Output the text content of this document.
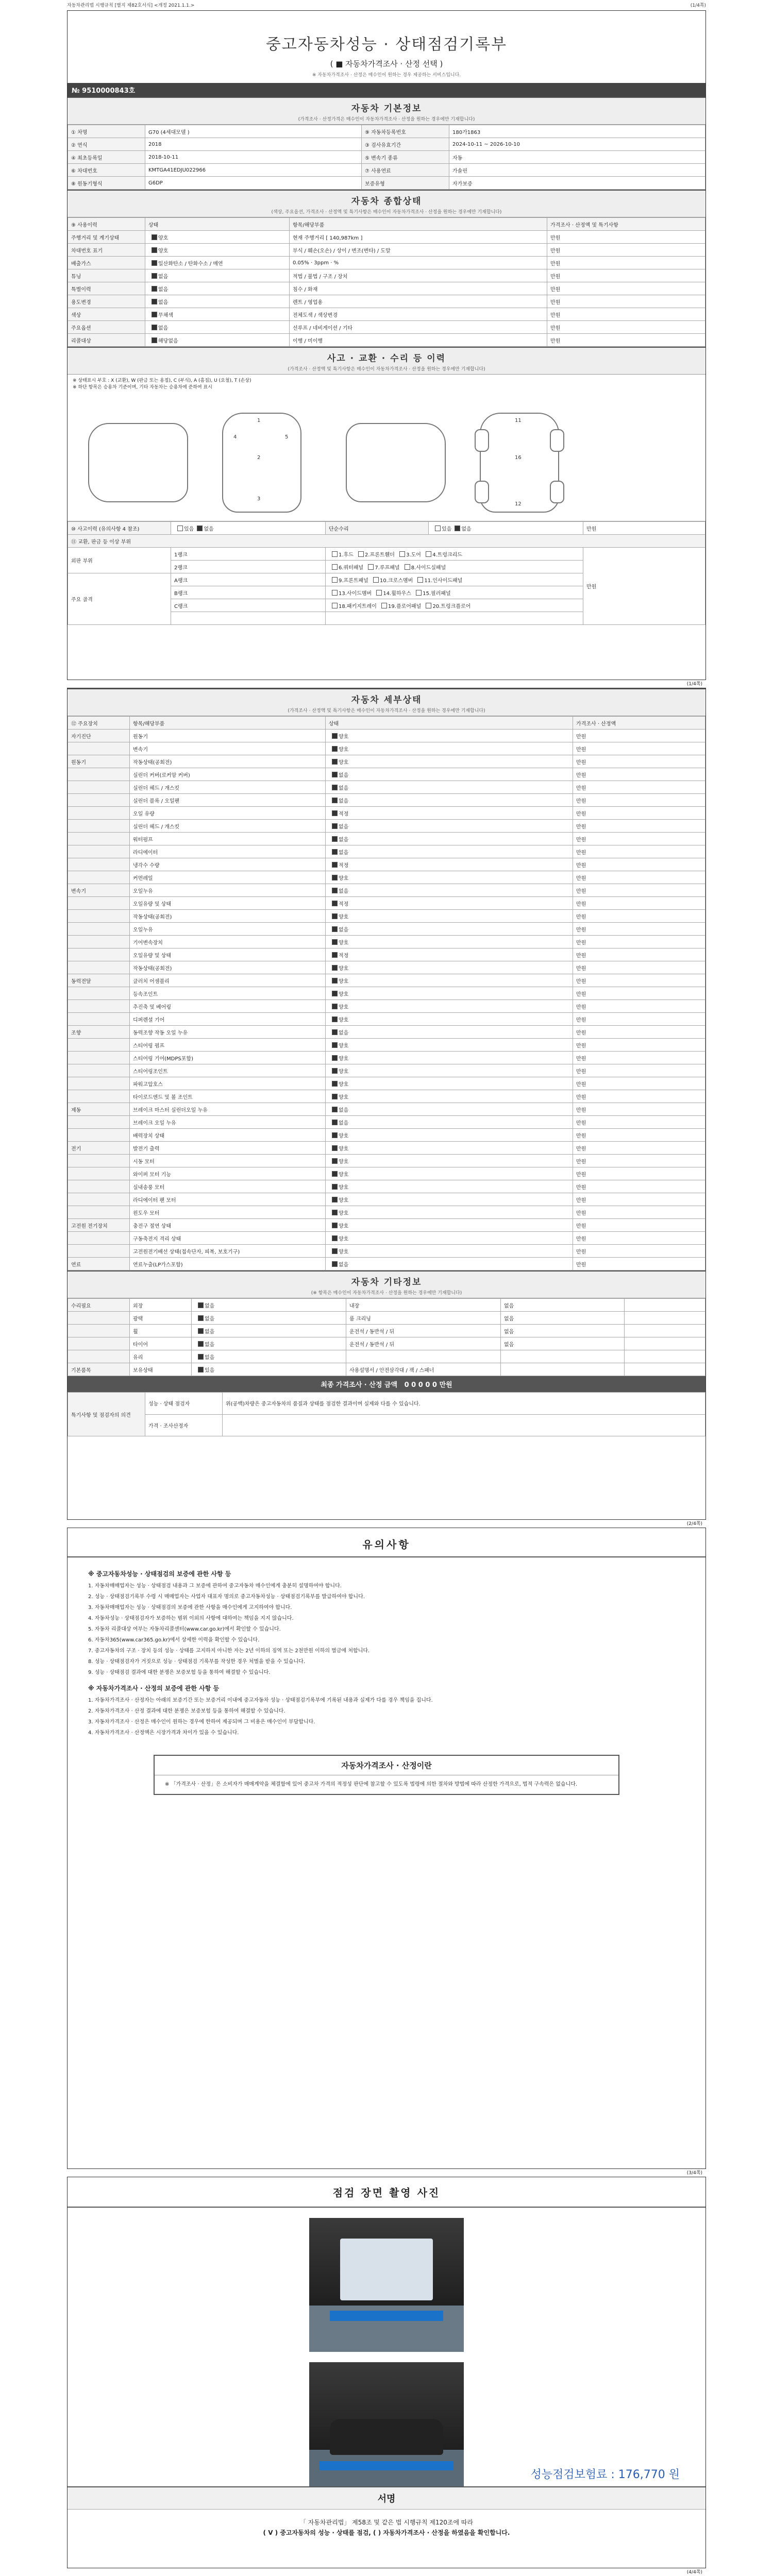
자동차관리법 시행규칙 [별지 제82호서식] <개정 2021.1.1.>	(1/4쪽)
중고자동차성능 · 상태점검기록부
( ■ 자동차가격조사 · 산정 선택 )
※ 자동차가격조사 · 산정은 매수인이 원하는 경우 제공하는 서비스입니다.
№ 9510000843호
자동차 기본정보
(가격조사 · 산정가격은 매수인이 자동차가격조사 · 산정을 원하는 경우에만 기재합니다)
① 차명	G70 (4세대모델 )	⑨ 자동차등록번호	180가1863
② 연식	2018	③ 검사유효기간	2024-10-11 ~ 2026-10-10
④ 최초등록일	2018-10-11	⑤ 변속기 종류	자동
⑥ 차대번호	KMTGA41EDJU022966	⑦ 사용연료	가솔린
⑧ 원동기형식	G6DP	보증유형	자가보증
자동차 종합상태
(색상, 주요옵션, 가격조사 · 산정액 및 특기사항은 매수인이 자동차가격조사 · 산정을 원하는 경우에만 기재합니다)
⑨ 사용이력	상태	항목/해당부품	가격조사 · 산정액 및 특기사항
주행거리 및 계기상태	양호	현재 주행거리 [ 140,987km ]	만원
차대번호 표기	양호	부식 / 훼손(오손) / 상이 / 변조(변타) / 도말	만원
배출가스	일산화탄소 / 탄화수소 / 매연	0.05% · 3ppm · %	만원
튜닝	없음	적법 / 불법 / 구조 / 장치	만원
특별이력	없음	침수 / 화재	만원
용도변경	없음	렌트 / 영업용	만원
색상	무채색	전체도색 / 색상변경	만원
주요옵션	없음	선루프 / 네비게이션 / 기타	만원
리콜대상	해당없음	이행 / 미이행	만원
사고 · 교환 · 수리 등 이력
(가격조사 · 산정액 및 특기사항은 매수인이 자동차가격조사 · 산정을 원하는 경우에만 기재합니다)
※ 상태표시 부호 : X (교환), W (판금 또는 용접), C (부식), A (흠집), U (요철), T (손상)
※ 하단 항목은 승용차 기준이며, 기타 자동차는 승용차에 준하여 표시
1
4	5
2
3
11
16
12
⑩ 사고이력 (유의사항 4 참조)	있음 없음	단순수리	있음 없음	만원
⑪ 교환, 판금 등 이상 부위				
외판 부위	1랭크	1.후드 2.프론트휀더 3.도어 4.트렁크리드		만원
	2랭크	6.쿼터패널 7.루프패널 8.사이드실패널		
주요 골격	A랭크	9.프론트패널 10.크로스멤버 11.인사이드패널		
	B랭크	13.사이드멤버 14.휠하우스 15.필러패널		
	C랭크	18.패키지트레이 19.플로어패널 20.트렁크플로어		

(1/4쪽)
자동차 세부상태
(가격조사 · 산정액 및 특기사항은 매수인이 자동차가격조사 · 산정을 원하는 경우에만 기재합니다)
⑫ 주요장치	항목/해당부품	상태	가격조사 · 산정액
자기진단	원동기	양호	만원
	변속기	양호	만원
원동기	작동상태(공회전)	양호	만원
	실린더 커버(로커암 커버)	없음	만원
	실린더 헤드 / 개스킷	없음	만원
	실린더 블록 / 오일팬	없음	만원
	오일 유량	적정	만원
	실린더 헤드 / 개스킷	없음	만원
	워터펌프	없음	만원
	라디에이터	없음	만원
	냉각수 수량	적정	만원
	커먼레일	양호	만원
변속기	오일누유	없음	만원
	오일유량 및 상태	적정	만원
	작동상태(공회전)	양호	만원
	오일누유	없음	만원
	기어변속장치	양호	만원
	오일유량 및 상태	적정	만원
	작동상태(공회전)	양호	만원
동력전달	클러치 어셈블리	양호	만원
	등속조인트	양호	만원
	추진축 및 베어링	양호	만원
	디퍼렌셜 기어	양호	만원
조향	동력조향 작동 오일 누유	없음	만원
	스티어링 펌프	양호	만원
	스티어링 기어(MDPS포함)	양호	만원
	스티어링조인트	양호	만원
	파워고압호스	양호	만원
	타이로드엔드 및 볼 조인트	양호	만원
제동	브레이크 마스터 실린더오일 누유	없음	만원
	브레이크 오일 누유	없음	만원
	배력장치 상태	양호	만원
전기	발전기 출력	양호	만원
	시동 모터	양호	만원
	와이퍼 모터 기능	양호	만원
	실내송풍 모터	양호	만원
	라디에이터 팬 모터	양호	만원
	윈도우 모터	양호	만원
고전원 전기장치	충전구 절연 상태	양호	만원
	구동축전지 격리 상태	양호	만원
	고전원전기배선 상태(접속단자, 피복, 보호기구)	양호	만원
연료	연료누출(LP가스포함)	없음	만원
자동차 기타정보
(※ 항목은 매수인이 자동차가격조사 · 산정을 원하는 경우에만 기재합니다)
수리필요	외장	없음	내장	없음	
	광택	없음	룸 크리닝	없음	
	휠	없음	운전석 / 동반석 / 뒤	없음	
	타이어	없음	운전석 / 동반석 / 뒤	없음	
	유리	없음			
기본품목	보유상태	있음	사용설명서 / 안전삼각대 / 잭 / 스패너		
최종 가격조사 · 산정 금액 0 0 0 0 0 만원
특기사항 및 점검자의 의견	성능 · 상태 점검자	위(공백)차량은 중고자동차의 품질과 상태를 점검한 결과이며 실제와 다를 수 있습니다.
	가격 · 조사산정자	
(2/4쪽)
유의사항
※ 중고자동차성능 · 상태점검의 보증에 관한 사항 등

1. 자동차매매업자는 성능 · 상태점검 내용과 그 보증에 관하여 중고자동차 매수인에게 충분히 설명하여야 합니다.

2. 성능 · 상태점검기록부 수령 시 매매업자는 사업자 대표자 명의로 중고자동차성능 · 상태점검기록부를 발급하여야 합니다.

3. 자동차매매업자는 성능 · 상태점검의 보증에 관한 사항을 매수인에게 고지하여야 합니다.

4. 자동차성능 · 상태점검자가 보증하는 범위 이외의 사항에 대하여는 책임을 지지 않습니다.

5. 자동차 리콜대상 여부는 자동차리콜센터(www.car.go.kr)에서 확인할 수 있습니다.

6. 자동차365(www.car365.go.kr)에서 상세한 이력을 확인할 수 있습니다.

7. 중고자동차의 구조 · 장치 등의 성능 · 상태를 고지하지 아니한 자는 2년 이하의 징역 또는 2천만원 이하의 벌금에 처합니다.

8. 성능 · 상태점검자가 거짓으로 성능 · 상태점검 기록부를 작성한 경우 처벌을 받을 수 있습니다.

9. 성능 · 상태점검 결과에 대한 분쟁은 보증보험 등을 통하여 해결할 수 있습니다.

※ 자동차가격조사 · 산정의 보증에 관한 사항 등

1. 자동차가격조사 · 산정자는 아래의 보증기간 또는 보증거리 이내에 중고자동차 성능 · 상태점검기록부에 기록된 내용과 실제가 다를 경우 책임을 집니다.

2. 자동차가격조사 · 산정 결과에 대한 분쟁은 보증보험 등을 통하여 해결할 수 있습니다.

3. 자동차가격조사 · 산정은 매수인이 원하는 경우에 한하여 제공되며 그 비용은 매수인이 부담합니다.

4. 자동차가격조사 · 산정액은 시장가격과 차이가 있을 수 있습니다.

자동차가격조사 · 산정이란
※ 「가격조사 · 산정」은 소비자가 매매계약을 체결함에 있어 중고차 가격의 적정성 판단에 참고할 수 있도록 법령에 의한 절차와 방법에 따라 산정한 가격으로, 법적 구속력은 없습니다.
(3/4쪽)
점검 장면 촬영 사진
성능점검보험료 : 176,770 원
서명
「 자동차관리법」 제58조 및 같은 법 시행규칙 제120조에 따라
( V ) 중고자동차의 성능 · 상태를 점검, ( ) 자동차가격조사 · 산정을 하였음을 확인합니다.
(4/4쪽)
